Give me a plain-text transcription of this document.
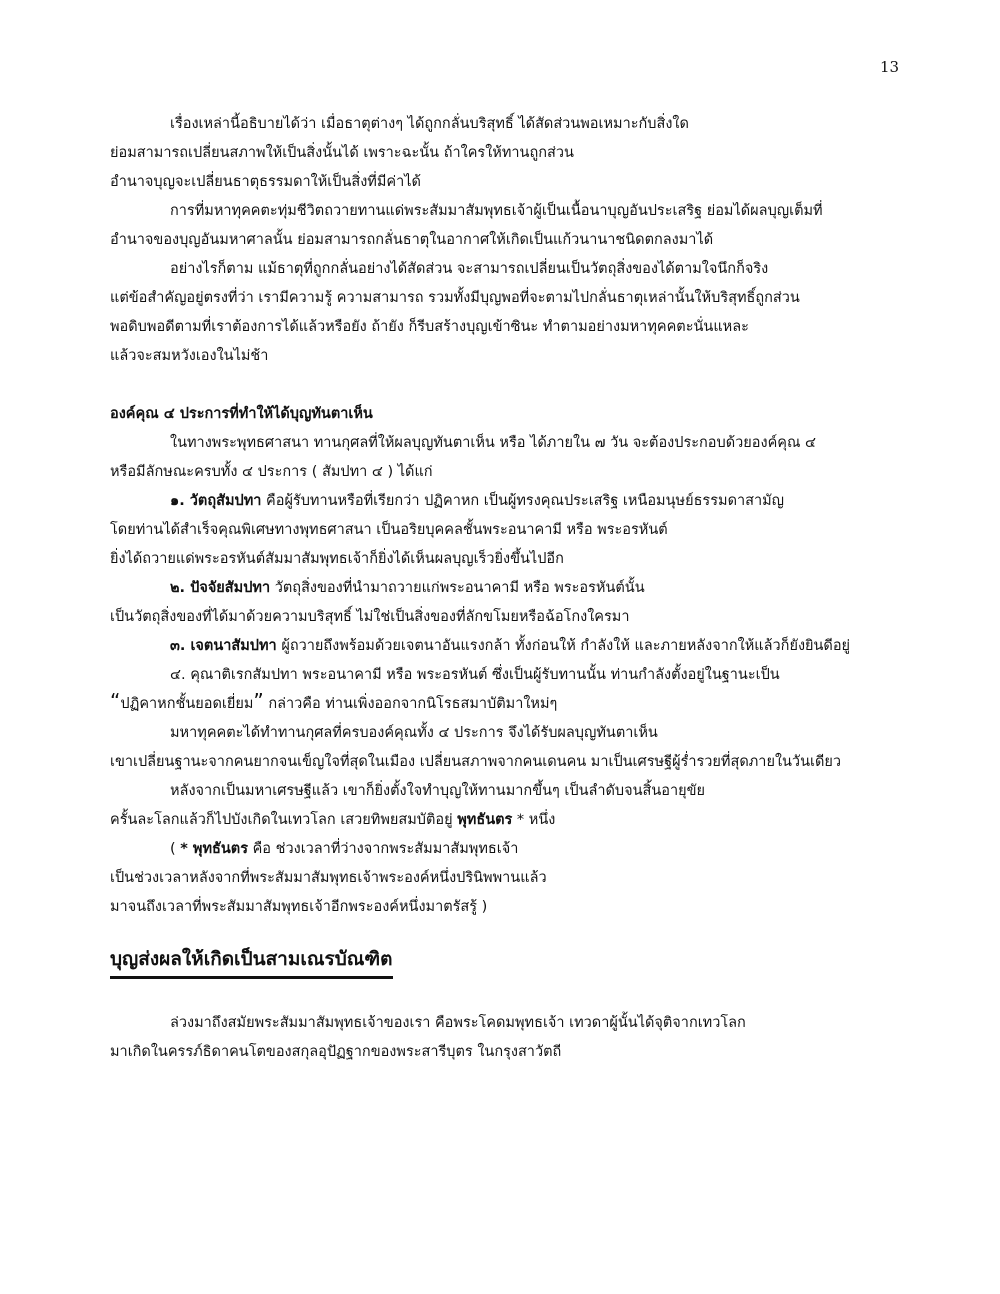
13

เรื่องเหล่านี้อธิบายได้ว่า เมื่อธาตุต่างๆ ได้ถูกกลั่นบริสุทธิ์ ได้สัดส่วนพอเหมาะกับสิ่งใด

ย่อมสามารถเปลี่ยนสภาพให้เป็นสิ่งนั้นได้ เพราะฉะนั้น ถ้าใครให้ทานถูกส่วน

อำนาจบุญจะเปลี่ยนธาตุธรรมดาให้เป็นสิ่งที่มีค่าได้

การที่มหาทุคคตะทุ่มชีวิตถวายทานแด่พระสัมมาสัมพุทธเจ้าผู้เป็นเนื้อนาบุญอันประเสริฐ ย่อมได้ผลบุญเต็มที่

อำนาจของบุญอันมหาศาลนั้น ย่อมสามารถกลั่นธาตุในอากาศให้เกิดเป็นแก้วนานาชนิดตกลงมาได้

อย่างไรก็ตาม แม้ธาตุที่ถูกกลั่นอย่างได้สัดส่วน จะสามารถเปลี่ยนเป็นวัตถุสิ่งของได้ตามใจนึกก็จริง

แต่ข้อสำคัญอยู่ตรงที่ว่า เรามีความรู้ ความสามารถ รวมทั้งมีบุญพอที่จะตามไปกลั่นธาตุเหล่านั้นให้บริสุทธิ์ถูกส่วน

พอดิบพอดีตามที่เราต้องการได้แล้วหรือยัง ถ้ายัง ก็รีบสร้างบุญเข้าซินะ ทำตามอย่างมหาทุคคตะนั่นแหละ

แล้วจะสมหวังเองในไม่ช้า

องค์คุณ ๔ ประการที่ทำให้ได้บุญทันตาเห็น

ในทางพระพุทธศาสนา ทานกุศลที่ให้ผลบุญทันตาเห็น หรือ ได้ภายใน ๗ วัน จะต้องประกอบด้วยองค์คุณ ๔

หรือมีลักษณะครบทั้ง ๔ ประการ ( สัมปทา ๔ ) ได้แก่

๑. วัตถุสัมปทา คือผู้รับทานหรือที่เรียกว่า ปฏิคาหก เป็นผู้ทรงคุณประเสริฐ เหนือมนุษย์ธรรมดาสามัญ

โดยท่านได้สำเร็จคุณพิเศษทางพุทธศาสนา เป็นอริยบุคคลชั้นพระอนาคามี หรือ พระอรหันต์

ยิ่งได้ถวายแด่พระอรหันต์สัมมาสัมพุทธเจ้าก็ยิ่งได้เห็นผลบุญเร็วยิ่งขึ้นไปอีก

๒. ปัจจัยสัมปทา วัตถุสิ่งของที่นำมาถวายแก่พระอนาคามี หรือ พระอรหันต์นั้น

เป็นวัตถุสิ่งของที่ได้มาด้วยความบริสุทธิ์ ไม่ใช่เป็นสิ่งของที่ลักขโมยหรือฉ้อโกงใครมา

๓. เจตนาสัมปทา ผู้ถวายถึงพร้อมด้วยเจตนาอันแรงกล้า ทั้งก่อนให้ กำลังให้ และภายหลังจากให้แล้วก็ยังยินดีอยู่

๔. คุณาติเรกสัมปทา พระอนาคามี หรือ พระอรหันต์ ซึ่งเป็นผู้รับทานนั้น ท่านกำลังตั้งอยู่ในฐานะเป็น

“ปฏิคาหกชั้นยอดเยี่ยม” กล่าวคือ ท่านเพิ่งออกจากนิโรธสมาบัติมาใหม่ๆ

มหาทุคคตะได้ทำทานกุศลที่ครบองค์คุณทั้ง ๔ ประการ จึงได้รับผลบุญทันตาเห็น

เขาเปลี่ยนฐานะจากคนยากจนเข็ญใจที่สุดในเมือง เปลี่ยนสภาพจากคนเดนคน มาเป็นเศรษฐีผู้ร่ำรวยที่สุดภายในวันเดียว

หลังจากเป็นมหาเศรษฐีแล้ว เขาก็ยิ่งตั้งใจทำบุญให้ทานมากขึ้นๆ เป็นลำดับจนสิ้นอายุขัย

ครั้นละโลกแล้วก็ไปบังเกิดในเทวโลก เสวยทิพยสมบัติอยู่ พุทธันตร * หนึ่ง

( * พุทธันตร คือ ช่วงเวลาที่ว่างจากพระสัมมาสัมพุทธเจ้า

เป็นช่วงเวลาหลังจากที่พระสัมมาสัมพุทธเจ้าพระองค์หนึ่งปรินิพพานแล้ว

มาจนถึงเวลาที่พระสัมมาสัมพุทธเจ้าอีกพระองค์หนึ่งมาตรัสรู้ )

บุญส่งผลให้เกิดเป็นสามเณรบัณฑิต

ล่วงมาถึงสมัยพระสัมมาสัมพุทธเจ้าของเรา คือพระโคดมพุทธเจ้า เทวดาผู้นั้นได้จุติจากเทวโลก

มาเกิดในครรภ์ธิดาคนโตของสกุลอุปัฏฐากของพระสารีบุตร ในกรุงสาวัตถี
